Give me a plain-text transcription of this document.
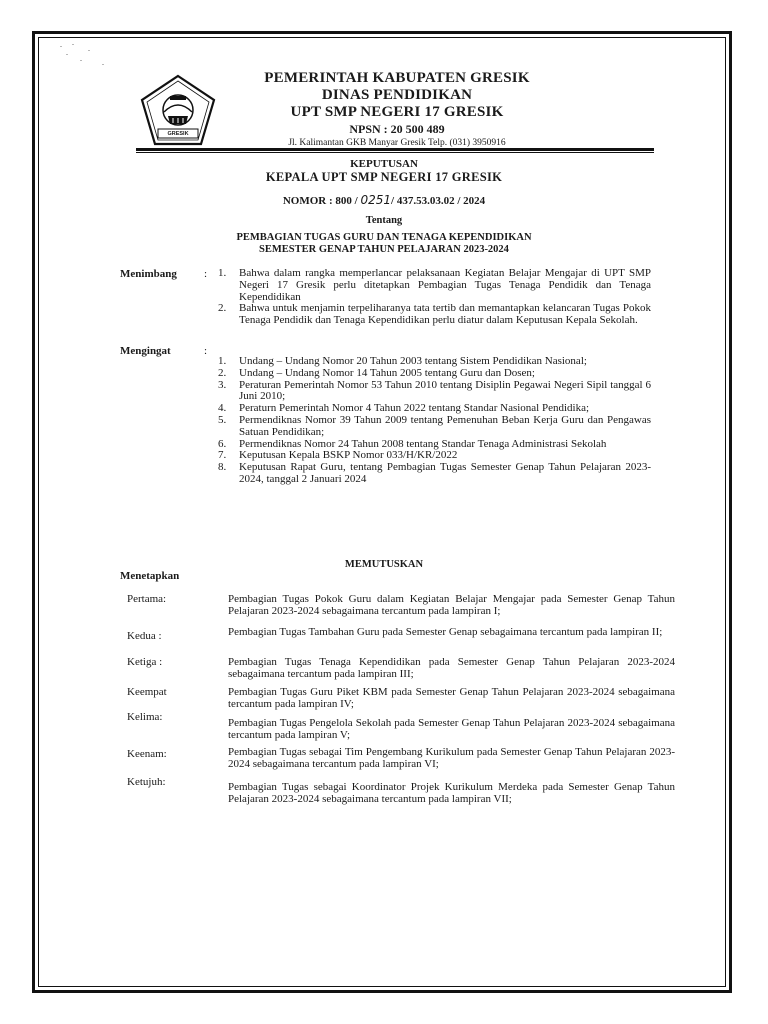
GRESIK
PEMERINTAH KABUPATEN GRESIK
DINAS PENDIDIKAN
UPT SMP NEGERI 17 GRESIK
NPSN : 20 500 489
Jl. Kalimantan GKB Manyar Gresik Telp. (031) 3950916
KEPUTUSAN
KEPALA UPT SMP NEGERI 17 GRESIK
NOMOR : 800 / 0251/ 437.53.03.02 / 2024
Tentang
PEMBAGIAN TUGAS GURU DAN TENAGA KEPENDIDIKAN
SEMESTER GENAP TAHUN PELAJARAN 2023-2024
Menimbang : 1. Bahwa dalam rangka memperlancar pelaksanaan Kegiatan Belajar Mengajar di UPT SMP Negeri 17 Gresik perlu ditetapkan Pembagian Tugas Tenaga Pendidik dan Tenaga Kependidikan
2. Bahwa untuk menjamin terpeliharanya tata tertib dan memantapkan kelancaran Tugas Pokok Tenaga Pendidik dan Tenaga Kependidikan perlu diatur dalam Keputusan Kepala Sekolah.
Mengingat	:
1. Undang – Undang Nomor 20 Tahun 2003 tentang Sistem Pendidikan Nasional;
2. Undang – Undang Nomor 14 Tahun 2005 tentang Guru dan Dosen;
3. Peraturan Pemerintah Nomor 53 Tahun 2010 tentang Disiplin Pegawai Negeri Sipil tanggal 6 Juni 2010;
4. Peraturn Pemerintah Nomor 4 Tahun 2022 tentang Standar Nasional Pendidika;
5. Permendiknas Nomor 39 Tahun 2009 tentang Pemenuhan Beban Kerja Guru dan Pengawas Satuan Pendidikan;
6. Permendiknas Nomor 24 Tahun 2008 tentang Standar Tenaga Administrasi Sekolah
7. Keputusan Kepala BSKP Nomor 033/H/KR/2022
8. Keputusan Rapat Guru, tentang Pembagian Tugas Semester Genap Tahun Pelajaran 2023-2024, tanggal 2 Januari 2024
MEMUTUSKAN
Menetapkan
Pertama:	Pembagian Tugas Pokok Guru dalam Kegiatan Belajar Mengajar pada Semester Genap Tahun Pelajaran 2023-2024 sebagaimana tercantum pada lampiran I;
Kedua :	Pembagian Tugas Tambahan Guru pada Semester Genap sebagaimana tercantum pada lampiran II;
Ketiga :	Pembagian Tugas Tenaga Kependidikan pada Semester Genap Tahun Pelajaran 2023-2024 sebagaimana tercantum pada lampiran III;
Keempat	Pembagian Tugas Guru Piket KBM pada Semester Genap Tahun Pelajaran 2023-2024 sebagaimana tercantum pada lampiran IV;
Kelima:	Pembagian Tugas Pengelola Sekolah pada Semester Genap Tahun Pelajaran 2023-2024 sebagaimana tercantum pada lampiran V;
Keenam:	Pembagian Tugas sebagai Tim Pengembang Kurikulum pada Semester Genap Tahun Pelajaran 2023-2024 sebagaimana tercantum pada lampiran VI;
Ketujuh:	Pembagian Tugas sebagai Koordinator Projek Kurikulum Merdeka pada Semester Genap Tahun Pelajaran 2023-2024 sebagaimana tercantum pada lampiran VII;
